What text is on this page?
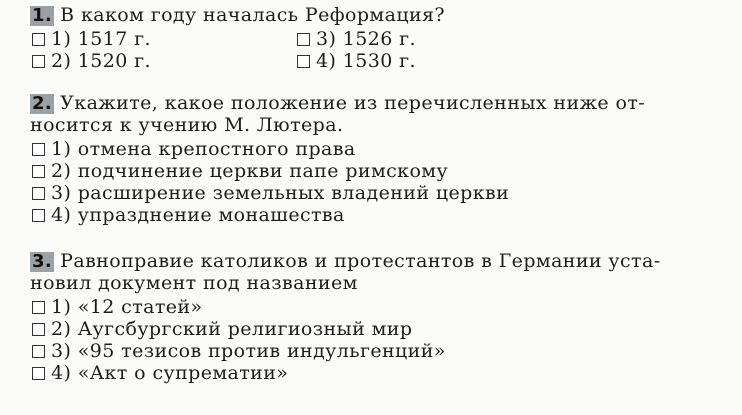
1. В каком году началась Реформация?

1) 1517 г.	3) 1526 г.
2) 1520 г.	4) 1530 г.

2. Укажите, какое положение из перечисленных ниже от-

носится к учению М. Лютера.

1) отмена крепостного права
2) подчинение церкви папе римскому
3) расширение земельных владений церкви
4) упразднение монашества

3. Равноправие католиков и протестантов в Германии уста-

новил документ под названием

1) «12 статей»
2) Аугсбургский религиозный мир
3) «95 тезисов против индульгенций»
4) «Акт о супрематии»
